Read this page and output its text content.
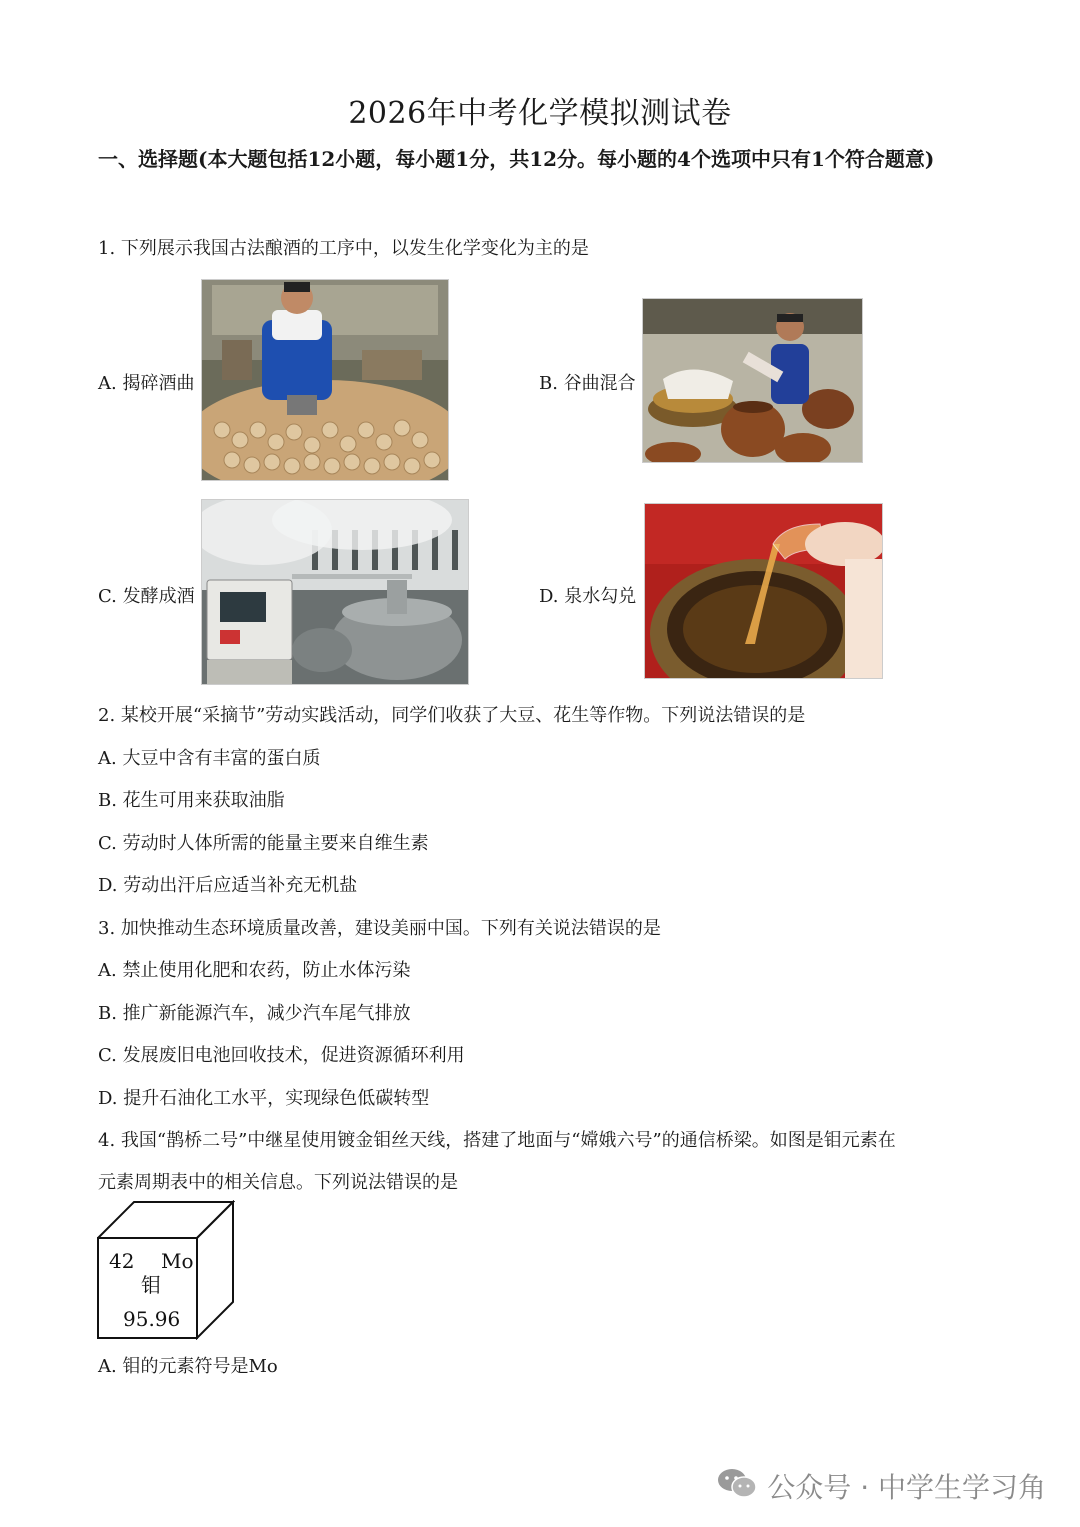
2026年中考化学模拟测试卷
一、选择题(本大题包括12小题，每小题1分，共12分。每小题的4个选项中只有1个符合题意)
1. 下列展示我国古法酿酒的工序中，以发生化学变化为主的是
A. 揭碎酒曲	B. 谷曲混合
C. 发酵成酒	D. 泉水勾兑
2. 某校开展“采摘节”劳动实践活动，同学们收获了大豆、花生等作物。下列说法错误的是
A. 大豆中含有丰富的蛋白质
B. 花生可用来获取油脂
C. 劳动时人体所需的能量主要来自维生素
D. 劳动出汗后应适当补充无机盐
3. 加快推动生态环境质量改善，建设美丽中国。下列有关说法错误的是
A. 禁止使用化肥和农药，防止水体污染
B. 推广新能源汽车，减少汽车尾气排放
C. 发展废旧电池回收技术，促进资源循环利用
D. 提升石油化工水平，实现绿色低碳转型
4. 我国“鹊桥二号”中继星使用镀金钼丝天线，搭建了地面与“嫦娥六号”的通信桥梁。如图是钼元素在
元素周期表中的相关信息。下列说法错误的是
42 Mo
钼
95.96
A. 钼的元素符号是Mo
公众号 · 中学生学习角
